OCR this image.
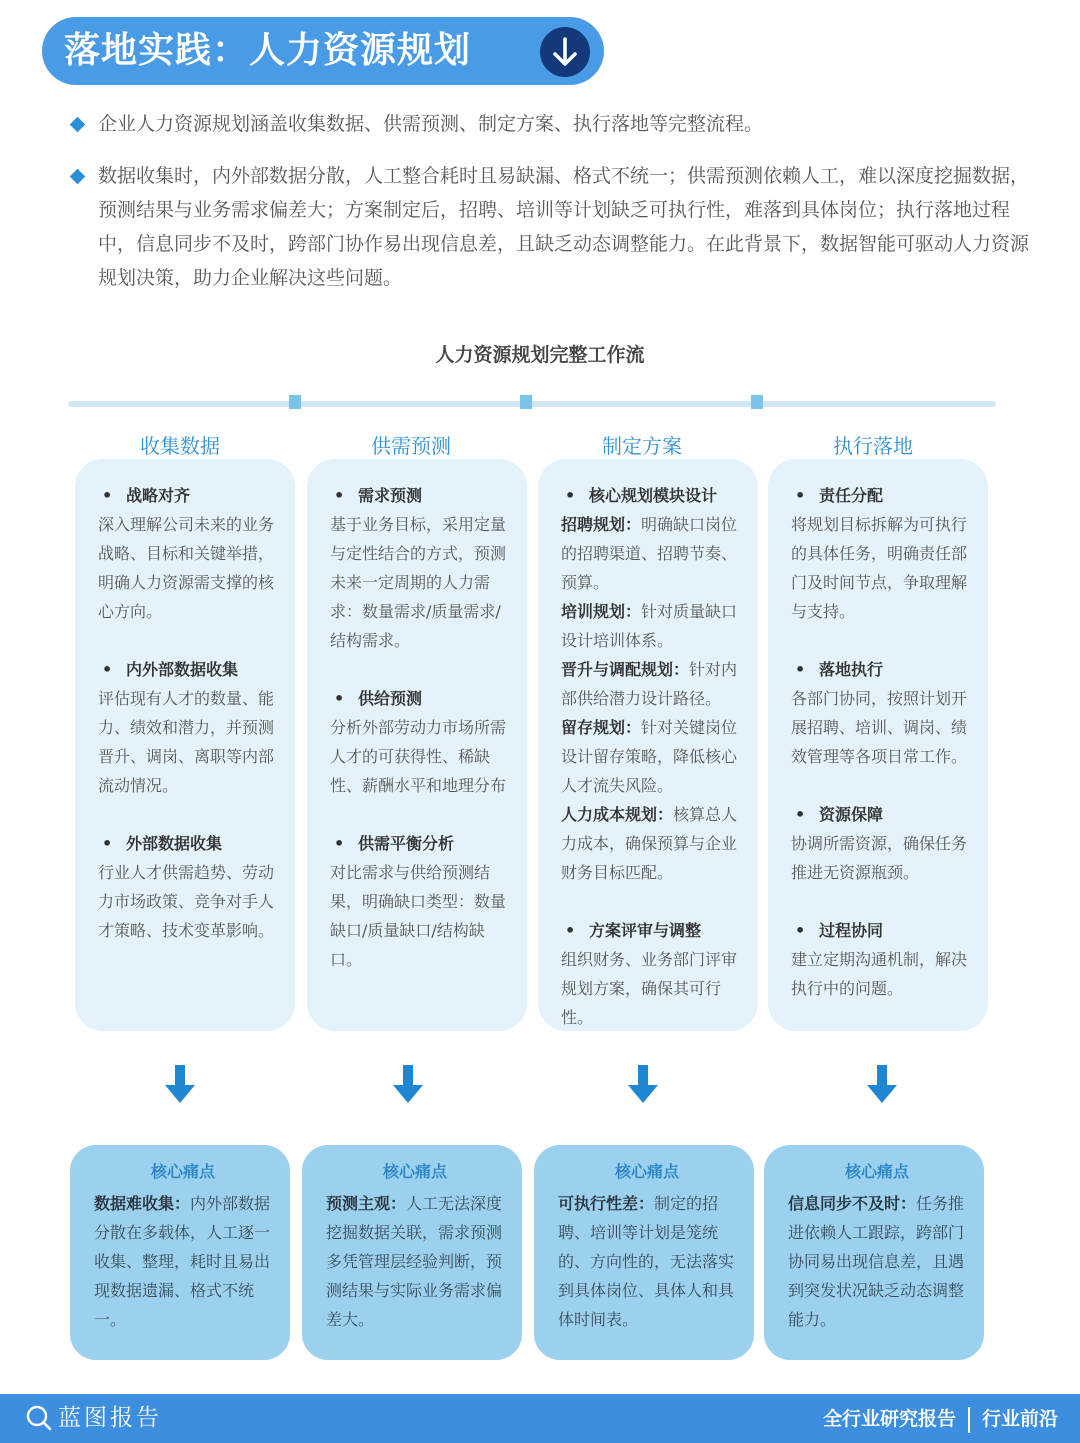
落地实践：人力资源规划
企业人力资源规划涵盖收集数据、供需预测、制定方案、执行落地等完整流程。
数据收集时，内外部数据分散，人工整合耗时且易缺漏、格式不统一；供需预测依赖人工，难以深度挖掘数据，预测结果与业务需求偏差大；方案制定后，招聘、培训等计划缺乏可执行性，难落到具体岗位；执行落地过程中，信息同步不及时，跨部门协作易出现信息差，且缺乏动态调整能力。在此背景下，数据智能可驱动人力资源规划决策，助力企业解决这些问题。
人力资源规划完整工作流
收集数据	供需预测	制定方案	执行落地
• 战略对齐
深入理解公司未来的业务战略、目标和关键举措，明确人力资源需支撑的核心方向。
• 内外部数据收集
评估现有人才的数量、能力、绩效和潜力，并预测晋升、调岗、离职等内部流动情况。
• 外部数据收集
行业人才供需趋势、劳动力市场政策、竞争对手人才策略、技术变革影响。
• 需求预测
基于业务目标，采用定量与定性结合的方式，预测未来一定周期的人力需求：数量需求/质量需求/结构需求。
• 供给预测
分析外部劳动力市场所需人才的可获得性、稀缺性、薪酬水平和地理分布
• 供需平衡分析
对比需求与供给预测结果，明确缺口类型：数量缺口/质量缺口/结构缺口。
• 核心规划模块设计
招聘规划：明确缺口岗位的招聘渠道、招聘节奏、预算。
培训规划：针对质量缺口设计培训体系。
晋升与调配规划：针对内部供给潜力设计路径。
留存规划：针对关键岗位设计留存策略，降低核心人才流失风险。
人力成本规划：核算总人力成本，确保预算与企业财务目标匹配。
• 方案评审与调整
组织财务、业务部门评审规划方案，确保其可行性。
• 责任分配
将规划目标拆解为可执行的具体任务，明确责任部门及时间节点，争取理解与支持。
• 落地执行
各部门协同，按照计划开展招聘、培训、调岗、绩效管理等各项日常工作。
• 资源保障
协调所需资源，确保任务推进无资源瓶颈。
• 过程协同
建立定期沟通机制，解决执行中的问题。
核心痛点
数据难收集：内外部数据分散在多载体，人工逐一收集、整理，耗时且易出现数据遗漏、格式不统一。
核心痛点
预测主观：人工无法深度挖掘数据关联，需求预测多凭管理层经验判断，预测结果与实际业务需求偏差大。
核心痛点
可执行性差：制定的招聘、培训等计划是笼统的、方向性的，无法落实到具体岗位、具体人和具体时间表。
核心痛点
信息同步不及时：任务推进依赖人工跟踪，跨部门协同易出现信息差，且遇到突发状况缺乏动态调整能力。
蓝图报告	全行业研究报告 行业前沿
